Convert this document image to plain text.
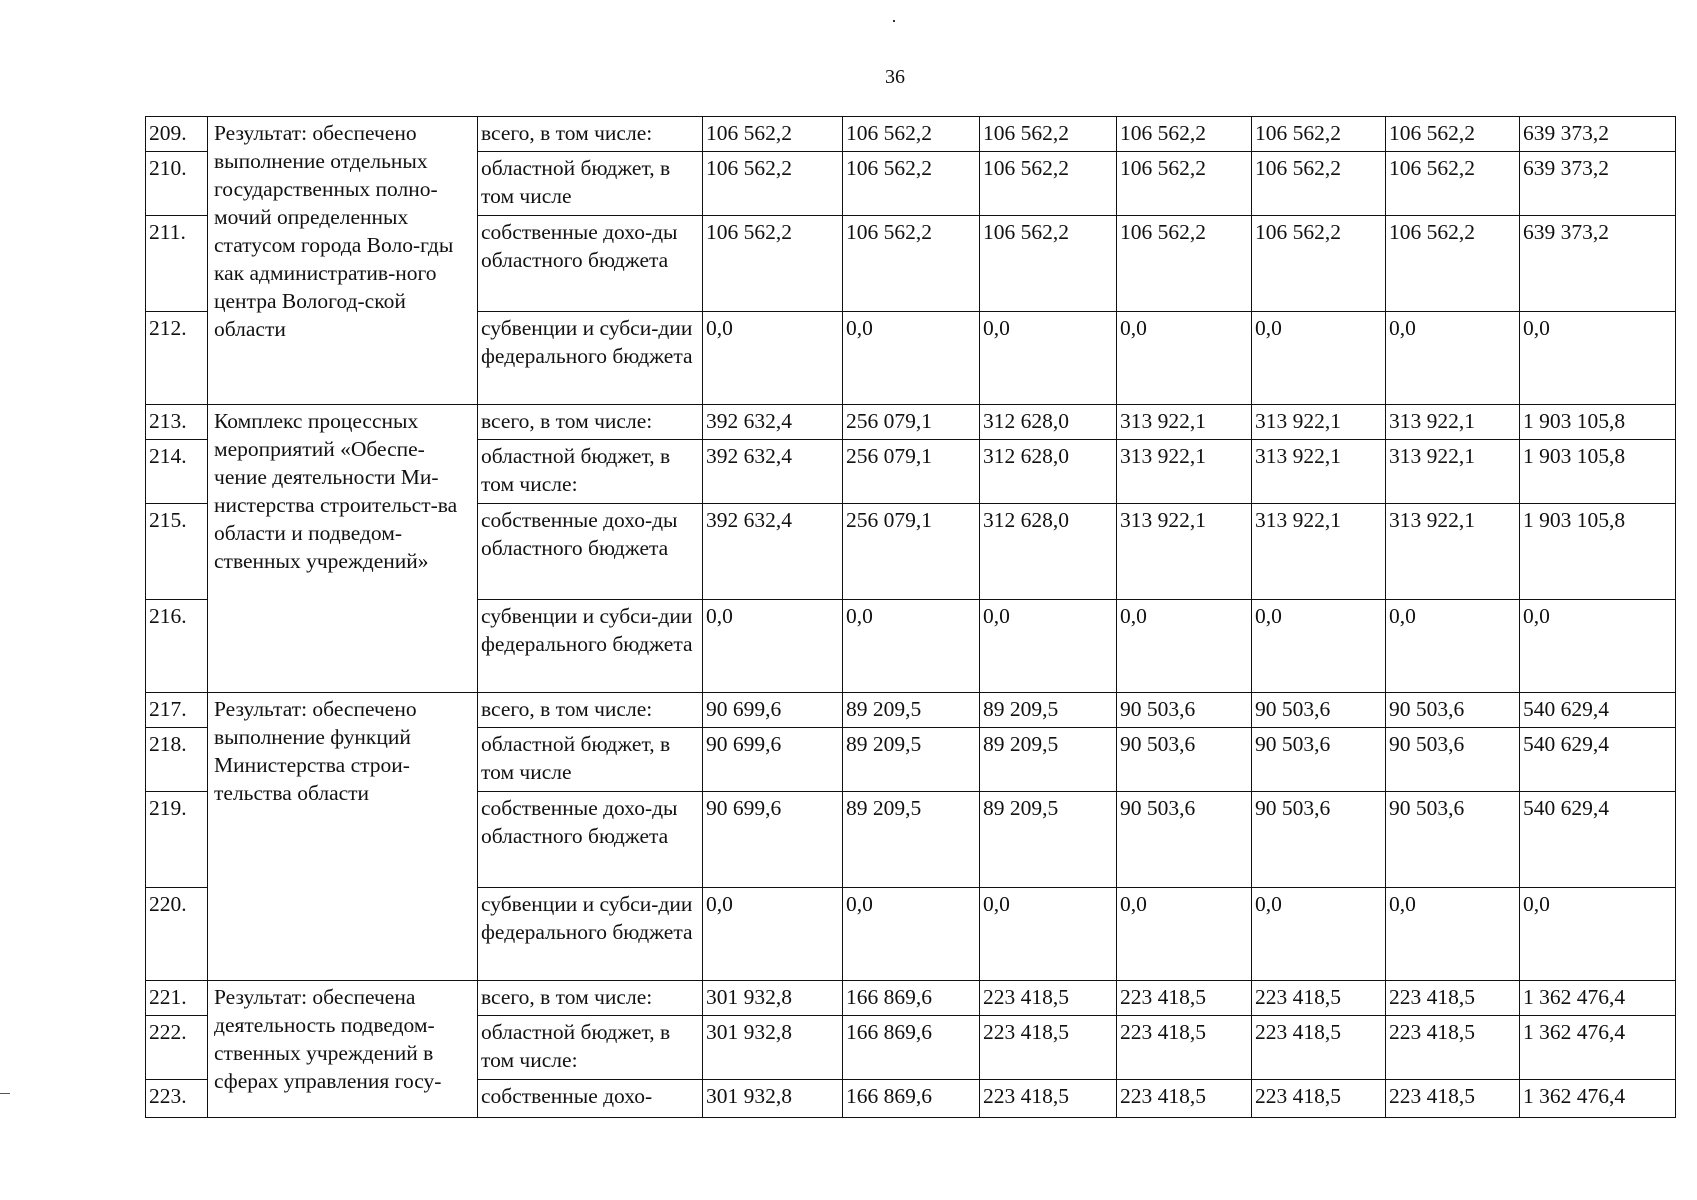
36
209.	Результат: обеспечено выполнение отдельных государственных полно-мочий определенных статусом города Воло-гды как административ-ного центра Вологод-ской области	всего, в том числе:	106 562,2	106 562,2	106 562,2	106 562,2	106 562,2	106 562,2	639 373,2
210.		областной бюджет, в том числе	106 562,2	106 562,2	106 562,2	106 562,2	106 562,2	106 562,2	639 373,2
211.		собственные дохо-ды областного бюджета	106 562,2	106 562,2	106 562,2	106 562,2	106 562,2	106 562,2	639 373,2
212.		субвенции и субси-дии федерального бюджета	0,0	0,0	0,0	0,0	0,0	0,0	0,0
213.	Комплекс процессных мероприятий «Обеспе-чение деятельности Ми-нистерства строительст-ва области и подведом-ственных учреждений»	всего, в том числе:	392 632,4	256 079,1	312 628,0	313 922,1	313 922,1	313 922,1	1 903 105,8
214.		областной бюджет, в том числе:	392 632,4	256 079,1	312 628,0	313 922,1	313 922,1	313 922,1	1 903 105,8
215.		собственные дохо-ды областного бюджета	392 632,4	256 079,1	312 628,0	313 922,1	313 922,1	313 922,1	1 903 105,8
216.		субвенции и субси-дии федерального бюджета	0,0	0,0	0,0	0,0	0,0	0,0	0,0
217.	Результат: обеспечено выполнение функций Министерства строи-тельства области	всего, в том числе:	90 699,6	89 209,5	89 209,5	90 503,6	90 503,6	90 503,6	540 629,4
218.		областной бюджет, в том числе	90 699,6	89 209,5	89 209,5	90 503,6	90 503,6	90 503,6	540 629,4
219.		собственные дохо-ды областного бюджета	90 699,6	89 209,5	89 209,5	90 503,6	90 503,6	90 503,6	540 629,4
220.		субвенции и субси-дии федерального бюджета	0,0	0,0	0,0	0,0	0,0	0,0	0,0
221.	Результат: обеспечена деятельность подведом-ственных учреждений в сферах управления госу-	всего, в том числе:	301 932,8	166 869,6	223 418,5	223 418,5	223 418,5	223 418,5	1 362 476,4
222.		областной бюджет, в том числе:	301 932,8	166 869,6	223 418,5	223 418,5	223 418,5	223 418,5	1 362 476,4
223.		собственные дохо-	301 932,8	166 869,6	223 418,5	223 418,5	223 418,5	223 418,5	1 362 476,4
